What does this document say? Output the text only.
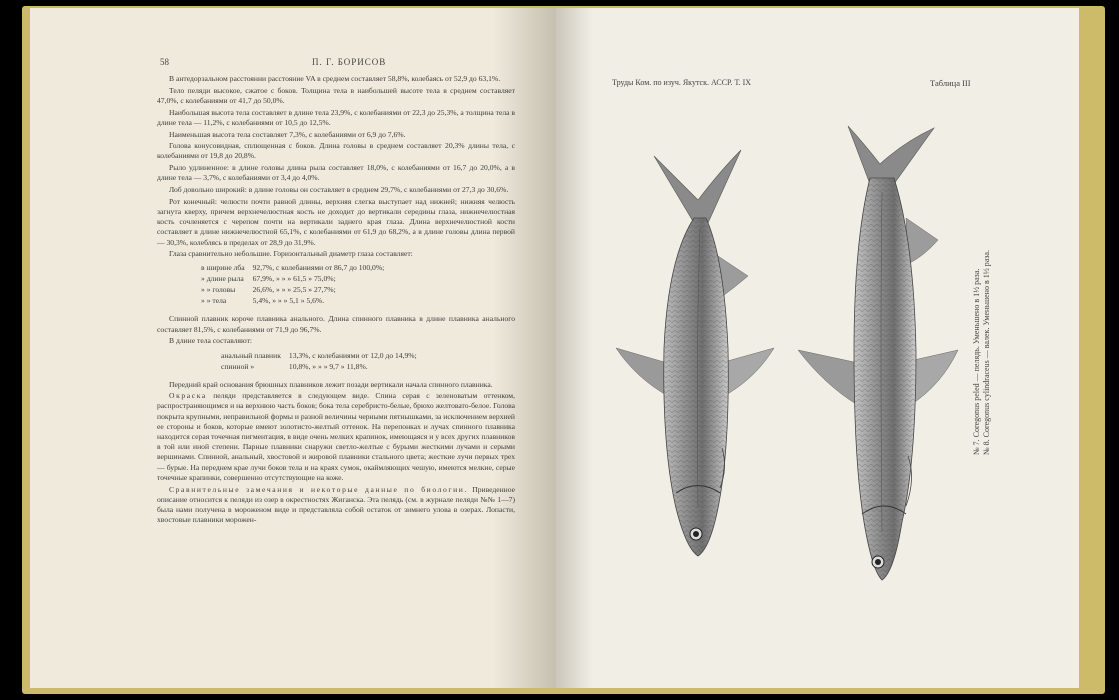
58	П. Г. БОРИСОВ

В антедорзальном расстоянии расстояние VA в среднем составляет 58,8%, колебаясь от 52,9 до 63,1%.

Тело пеляди высокое, сжатое с боков. Толщина тела в наибольшей высоте тела в среднем составляет 47,0%, с колебаниями от 41,7 до 50,0%.

Наибольшая высота тела составляет в длине тела 23,9%, с колебаниями от 22,3 до 25,3%, а толщина тела в длине тела — 11,2%, с колебаниями от 10,5 до 12,5%.

Наименьшая высота тела составляет 7,3%, с колебаниями от 6,9 до 7,6%.

Голова конусовидная, сплющенная с боков. Длина головы в среднем составляет 20,3% длины тела, с колебаниями от 19,8 до 20,8%.

Рыло удлиненное: в длине головы длина рыла составляет 18,0%, с колебаниями от 16,7 до 20,0%, а в длине тела — 3,7%, с колебаниями от 3,4 до 4,0%.

Лоб довольно широкий: в длине головы он составляет в среднем 29,7%, с колебаниями от 27,3 до 30,6%.

Рот конечный: челюсти почти равной длины, верхняя слегка выступает над нижней; нижняя челюсть загнута кверху, причем верхнечелюстная кость не доходит до вертикали середины глаза, нижнечелюстная кость сочленяется с черепом почти на вертикали заднего края глаза. Длина верхнечелюстной кости составляет в длине нижнечелюстной 65,1%, с колебаниями от 61,9 до 68,2%, а в длине головы длина первой — 30,3%, колеблясь в пределах от 28,9 до 31,9%.

Глаза сравнительно небольшие. Горизонтальный диаметр глаза составляет:

в ширине лба	92,7%, с колебаниями от 86,7 до 100,0%;
» длине рыла	67,9%, » » » 61,5 » 75,0%;
» » головы	26,6%, » » » 25,5 » 27,7%;
» » тела	5,4%, » » » 5,1 » 5,6%.

Спинной плавник короче плавника анального. Длина спинного плавника в длине плавника анального составляет 81,5%, с колебаниями от 71,9 до 96,7%.

В длине тела составляют:

анальный плавник	13,3%, с колебаниями от 12,0 до 14,9%;
спинной »	10,8%, » » » 9,7 » 11,8%.

Передний край основания брюшных плавников лежит позади вертикали начала спинного плавника.

Окраска пеляди представляется в следующем виде. Спина серая с зеленоватым оттенком, распространяющимся и на верхнюю часть боков; бока тела серебристо-белые, брюхо желтовато-белое. Голова покрыта крупными, неправильной формы и разной величины черными пятнышками, за исключением верхней ее стороны и боков, которые имеют золотисто-желтый оттенок. На перепонках и лучах спинного плавника находится серая точечная пигментация, в виде очень мелких крапинок, имеющаяся и у всех других плавников в той или иной степени. Парные плавники снаружи светло-желтые с бурыми жесткими лучами и серыми вершинами. Спинной, анальный, хвостовой и жировой плавники стального цвета; жесткие лучи первых трех — бурые. На переднем крае лучи боков тела и на краях сумок, окаймляющих чешую, имеются мелкие, серые точечные крапинки, совершенно отсутствующие на коже.

Сравнительные замечания и некоторые данные по биологии. Приведенное описание относится к пеляди из озер в окрестностях Жиганска. Эта пелядь (см. в журнале пеляди №№ 1—7) была нами получена в мороженом виде и представляла собой остаток от зимнего улова в озерах. Лопасти, хвостовые плавники морожен-

Труды Ком. по изуч. Якутск. АССР. Т. IX	Таблица III
№ 7. Coregonus peled — пелядь. Уменьшено в 1½ раза. № 8. Coregonus cylindraceus — валек. Уменьшено в 1½ раза.
